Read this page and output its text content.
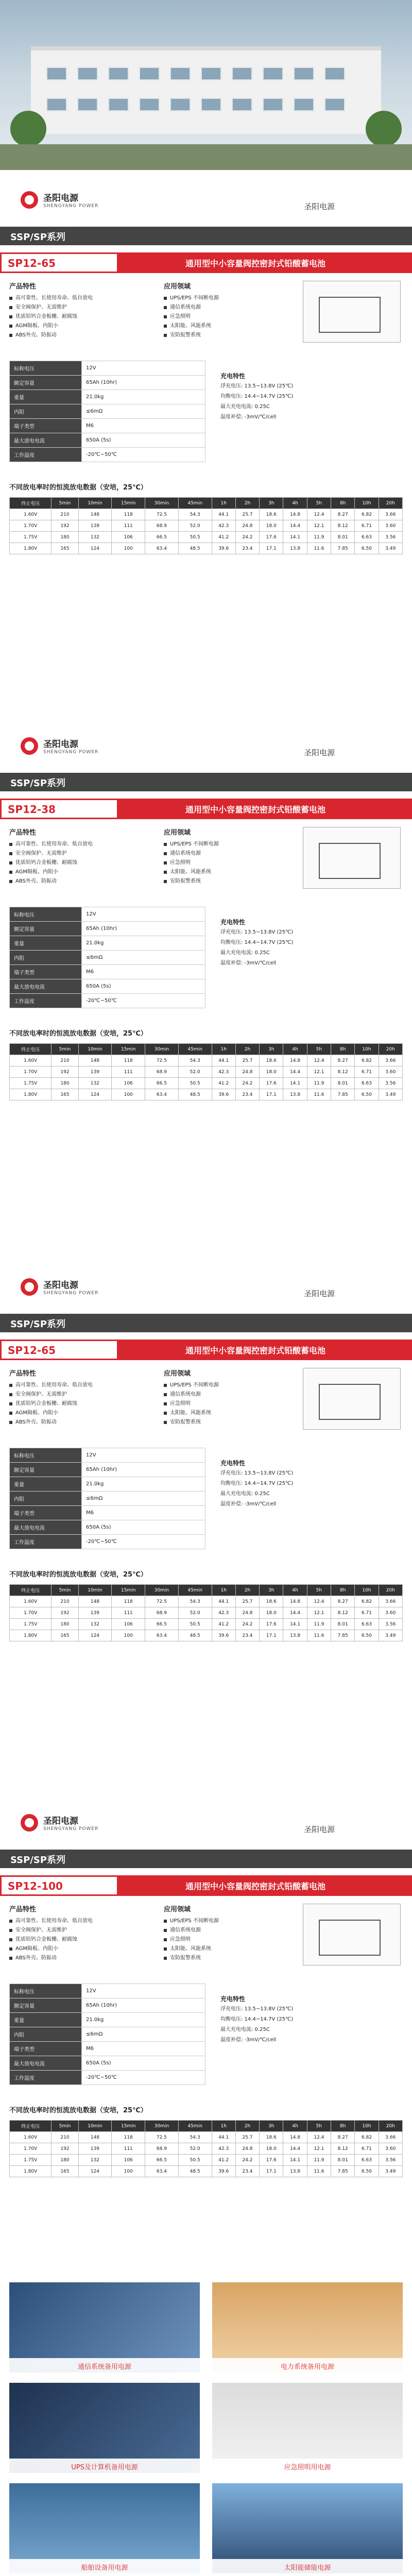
圣阳电源
SHENGYANG POWER	圣阳电源
SSP/SP系列
SP12-65	通用型中小容量阀控密封式铅酸蓄电池
产品特性
高可靠性、长使用寿命、低自放电
安全阀保护、无需维护
优质铅钙合金板栅、耐腐蚀
AGM隔板、内阻小
ABS外壳、防振动
应用领域
UPS/EPS 不间断电源
通信系统电源
应急照明
太阳能、风能系统
安防报警系统
标称电压	12V
额定容量	65Ah (10hr)
重量	21.0kg
内阻	≤6mΩ
端子类型	M6
最大放电电流	650A (5s)
工作温度	-20℃~50℃
充电特性
浮充电压: 13.5~13.8V (25℃)
均衡电压: 14.4~14.7V (25℃)
最大充电电流: 0.25C
温度补偿: -3mV/℃/cell
不同放电率时的恒流放电数据（安培，25℃）
终止电压	5min	10min	15min	30min	45min	1h	2h	3h	4h	5h	8h	10h	20h
1.60V	210	148	118	72.5	54.3	44.1	25.7	18.6	14.8	12.4	8.27	6.82	3.66
1.70V	192	139	111	68.9	52.0	42.3	24.8	18.0	14.4	12.1	8.12	6.71	3.60
1.75V	180	132	106	66.5	50.5	41.2	24.2	17.6	14.1	11.9	8.01	6.63	3.56
1.80V	165	124	100	63.4	48.5	39.6	23.4	17.1	13.8	11.6	7.85	6.50	3.49
圣阳电源
SHENGYANG POWER	圣阳电源
SSP/SP系列
SP12-38	通用型中小容量阀控密封式铅酸蓄电池
产品特性
高可靠性、长使用寿命、低自放电
安全阀保护、无需维护
优质铅钙合金板栅、耐腐蚀
AGM隔板、内阻小
ABS外壳、防振动
应用领域
UPS/EPS 不间断电源
通信系统电源
应急照明
太阳能、风能系统
安防报警系统
标称电压	12V
额定容量	65Ah (10hr)
重量	21.0kg
内阻	≤6mΩ
端子类型	M6
最大放电电流	650A (5s)
工作温度	-20℃~50℃
充电特性
浮充电压: 13.5~13.8V (25℃)
均衡电压: 14.4~14.7V (25℃)
最大充电电流: 0.25C
温度补偿: -3mV/℃/cell
不同放电率时的恒流放电数据（安培，25℃）
终止电压	5min	10min	15min	30min	45min	1h	2h	3h	4h	5h	8h	10h	20h
1.60V	210	148	118	72.5	54.3	44.1	25.7	18.6	14.8	12.4	8.27	6.82	3.66
1.70V	192	139	111	68.9	52.0	42.3	24.8	18.0	14.4	12.1	8.12	6.71	3.60
1.75V	180	132	106	66.5	50.5	41.2	24.2	17.6	14.1	11.9	8.01	6.63	3.56
1.80V	165	124	100	63.4	48.5	39.6	23.4	17.1	13.8	11.6	7.85	6.50	3.49
圣阳电源
SHENGYANG POWER	圣阳电源
SSP/SP系列
SP12-65	通用型中小容量阀控密封式铅酸蓄电池
产品特性
高可靠性、长使用寿命、低自放电
安全阀保护、无需维护
优质铅钙合金板栅、耐腐蚀
AGM隔板、内阻小
ABS外壳、防振动
应用领域
UPS/EPS 不间断电源
通信系统电源
应急照明
太阳能、风能系统
安防报警系统
标称电压	12V
额定容量	65Ah (10hr)
重量	21.0kg
内阻	≤6mΩ
端子类型	M6
最大放电电流	650A (5s)
工作温度	-20℃~50℃
充电特性
浮充电压: 13.5~13.8V (25℃)
均衡电压: 14.4~14.7V (25℃)
最大充电电流: 0.25C
温度补偿: -3mV/℃/cell
不同放电率时的恒流放电数据（安培，25℃）
终止电压	5min	10min	15min	30min	45min	1h	2h	3h	4h	5h	8h	10h	20h
1.60V	210	148	118	72.5	54.3	44.1	25.7	18.6	14.8	12.4	8.27	6.82	3.66
1.70V	192	139	111	68.9	52.0	42.3	24.8	18.0	14.4	12.1	8.12	6.71	3.60
1.75V	180	132	106	66.5	50.5	41.2	24.2	17.6	14.1	11.9	8.01	6.63	3.56
1.80V	165	124	100	63.4	48.5	39.6	23.4	17.1	13.8	11.6	7.85	6.50	3.49
圣阳电源
SHENGYANG POWER	圣阳电源
SSP/SP系列
SP12-100	通用型中小容量阀控密封式铅酸蓄电池
产品特性
高可靠性、长使用寿命、低自放电
安全阀保护、无需维护
优质铅钙合金板栅、耐腐蚀
AGM隔板、内阻小
ABS外壳、防振动
应用领域
UPS/EPS 不间断电源
通信系统电源
应急照明
太阳能、风能系统
安防报警系统
标称电压	12V
额定容量	65Ah (10hr)
重量	21.0kg
内阻	≤6mΩ
端子类型	M6
最大放电电流	650A (5s)
工作温度	-20℃~50℃
充电特性
浮充电压: 13.5~13.8V (25℃)
均衡电压: 14.4~14.7V (25℃)
最大充电电流: 0.25C
温度补偿: -3mV/℃/cell
不同放电率时的恒流放电数据（安培，25℃）
终止电压	5min	10min	15min	30min	45min	1h	2h	3h	4h	5h	8h	10h	20h
1.60V	210	148	118	72.5	54.3	44.1	25.7	18.6	14.8	12.4	8.27	6.82	3.66
1.70V	192	139	111	68.9	52.0	42.3	24.8	18.0	14.4	12.1	8.12	6.71	3.60
1.75V	180	132	106	66.5	50.5	41.2	24.2	17.6	14.1	11.9	8.01	6.63	3.56
1.80V	165	124	100	63.4	48.5	39.6	23.4	17.1	13.8	11.6	7.85	6.50	3.49
通信系统备用电源	电力系统备用电源
UPS及计算机备用电源	应急照明用电源
船舶设备用电源	太阳能储能电源
